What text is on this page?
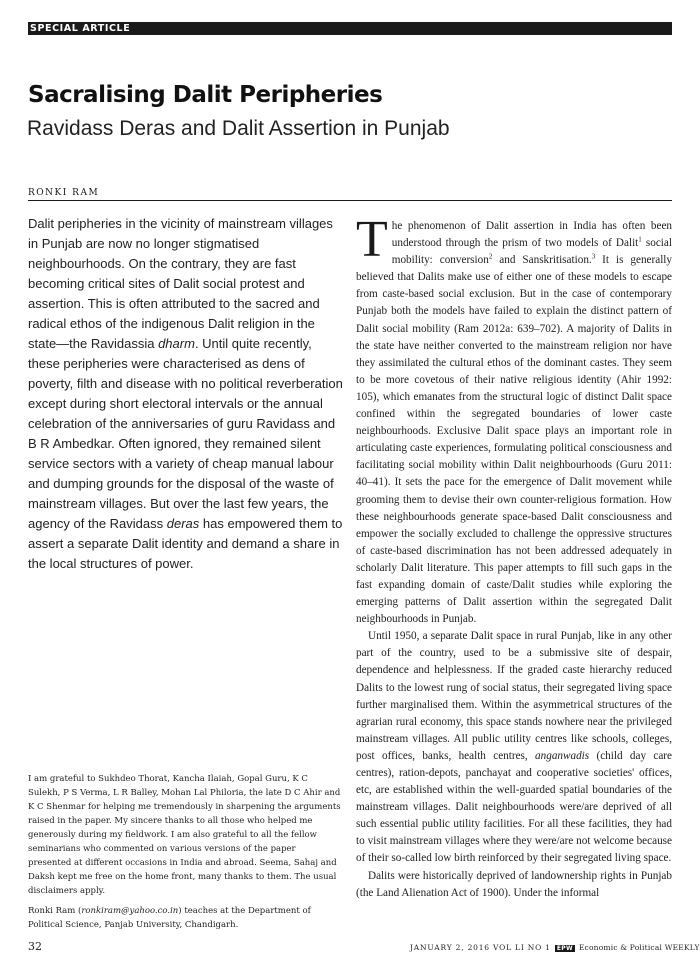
SPECIAL ARTICLE
Sacralising Dalit Peripheries
Ravidass Deras and Dalit Assertion in Punjab
RONKI RAM

Dalit peripheries in the vicinity of mainstream villages in Punjab are now no longer stigmatised neighbourhoods. On the contrary, they are fast becoming critical sites of Dalit social protest and assertion. This is often attributed to the sacred and radical ethos of the indigenous Dalit religion in the state—the Ravidassia dharm. Until quite recently, these peripheries were characterised as dens of poverty, filth and disease with no political reverberation except during short electoral intervals or the annual celebration of the anniversaries of guru Ravidass and B R Ambedkar. Often ignored, they remained silent service sectors with a variety of cheap manual labour and dumping grounds for the disposal of the waste of mainstream villages. But over the last few years, the agency of the Ravidass deras has empowered them to assert a separate Dalit identity and demand a share in the local structures of power.

I am grateful to Sukhdeo Thorat, Kancha Ilaiah, Gopal Guru, K C Sulekh, P S Verma, L R Balley, Mohan Lal Philoria, the late D C Ahir and K C Shenmar for helping me tremendously in sharpening the arguments raised in the paper. My sincere thanks to all those who helped me generously during my fieldwork. I am also grateful to all the fellow seminarians who commented on various versions of the paper presented at different occasions in India and abroad. Seema, Sahaj and Daksh kept me free on the home front, many thanks to them. The usual disclaimers apply.

Ronki Ram (ronkiram@yahoo.co.in) teaches at the Department of Political Science, Panjab University, Chandigarh.

The phenomenon of Dalit assertion in India has often been understood through the prism of two models of Dalit$^1$ social mobility: conversion$^2$ and Sanskritisation.$^3$ It is generally believed that Dalits make use of either one of these models to escape from caste-based social exclusion. But in the case of contemporary Punjab both the models have failed to explain the distinct pattern of Dalit social mobility (Ram 2012a: 639–702). A majority of Dalits in the state have neither converted to the mainstream religion nor have they assimilated the cultural ethos of the dominant castes. They seem to be more covetous of their native religious identity (Ahir 1992: 105), which emanates from the structural logic of distinct Dalit space confined within the segregated boundaries of lower caste neighbourhoods. Exclusive Dalit space plays an important role in articulating caste experiences, formulating political consciousness and facilitating social mobility within Dalit neighbourhoods (Guru 2011: 40–41). It sets the pace for the emergence of Dalit movement while grooming them to devise their own counter-religious formation. How these neighbourhoods generate space-based Dalit consciousness and empower the socially excluded to challenge the oppressive structures of caste-based discrimination has not been addressed adequately in scholarly Dalit literature. This paper attempts to fill such gaps in the fast expanding domain of caste/Dalit studies while exploring the emerging patterns of Dalit assertion within the segregated Dalit neighbourhoods in Punjab.

Until 1950, a separate Dalit space in rural Punjab, like in any other part of the country, used to be a submissive site of despair, dependence and helplessness. If the graded caste hierarchy reduced Dalits to the lowest rung of social status, their segregated living space further marginalised them. Within the asymmetrical structures of the agrarian rural economy, this space stands nowhere near the privileged mainstream villages. All public utility centres like schools, colleges, post offices, banks, health centres, anganwadis (child day care centres), ration-depots, panchayat and cooperative societies' offices, etc, are established within the well-guarded spatial boundaries of the mainstream villages. Dalit neighbourhoods were/are deprived of all such essential public utility facilities. For all these facilities, they had to visit mainstream villages where they were/are not welcome because of their so-called low birth reinforced by their segregated living space.

Dalits were historically deprived of landownership rights in Punjab (the Land Alienation Act of 1900). Under the informal

32	JANUARY 2, 2016 VOL LI NO 1 EPW Economic & Political WEEKLY
